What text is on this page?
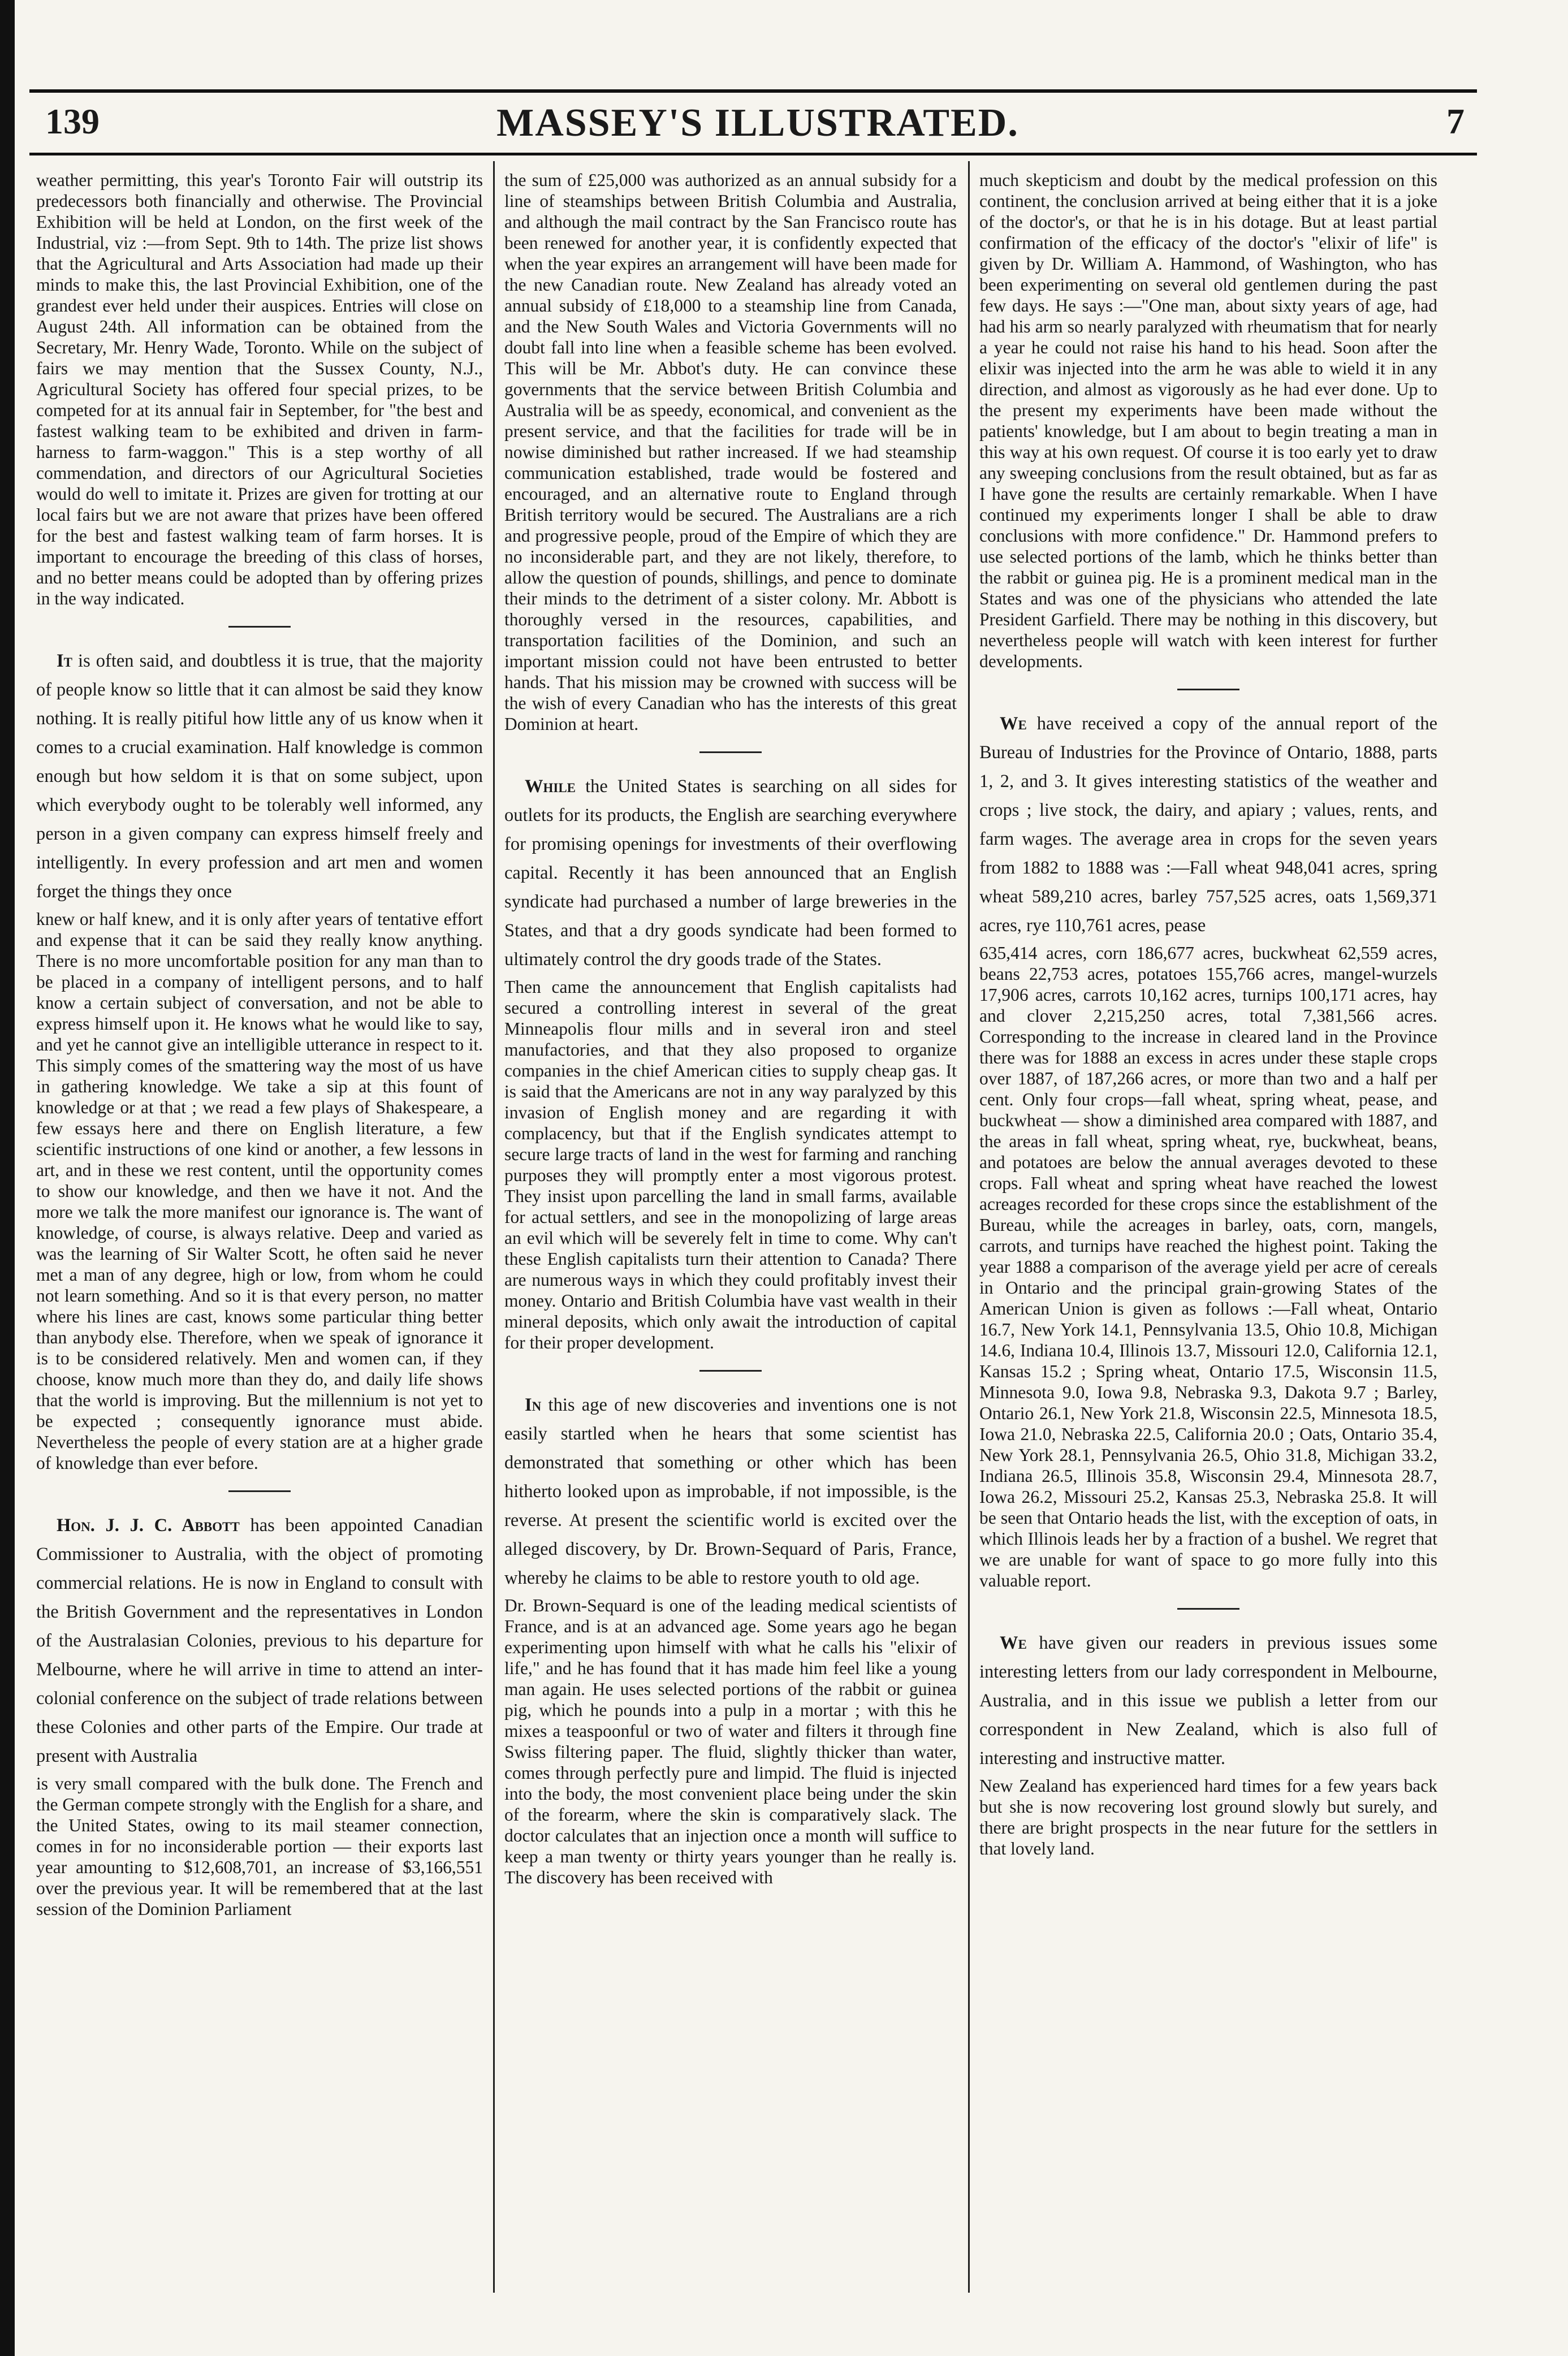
139	MASSEY'S ILLUSTRATED.	7

weather permitting, this year's Toronto Fair will outstrip its predecessors both financially and otherwise. The Provincial Exhibition will be held at London, on the first week of the Industrial, viz :—from Sept. 9th to 14th. The prize list shows that the Agricultural and Arts Association had made up their minds to make this, the last Provincial Exhibition, one of the grandest ever held under their auspices. Entries will close on August 24th. All information can be obtained from the Secretary, Mr. Henry Wade, Toronto. While on the subject of fairs we may mention that the Sussex County, N.J., Agricultural Society has offered four special prizes, to be competed for at its annual fair in September, for "the best and fastest walking team to be exhibited and driven in farm-harness to farm-waggon." This is a step worthy of all commendation, and directors of our Agricultural Societies would do well to imitate it. Prizes are given for trotting at our local fairs but we are not aware that prizes have been offered for the best and fastest walking team of farm horses. It is important to encourage the breeding of this class of horses, and no better means could be adopted than by offering prizes in the way indicated.

It is often said, and doubtless it is true, that the majority of people know so little that it can almost be said they know nothing. It is really pitiful how little any of us know when it comes to a crucial examination. Half knowledge is common enough but how seldom it is that on some subject, upon which everybody ought to be tolerably well informed, any person in a given company can express himself freely and intelligently. In every profession and art men and women forget the things they once

knew or half knew, and it is only after years of tentative effort and expense that it can be said they really know anything. There is no more uncomfortable position for any man than to be placed in a company of intelligent persons, and to half know a certain subject of conversation, and not be able to express himself upon it. He knows what he would like to say, and yet he cannot give an intelligible utterance in respect to it. This simply comes of the smattering way the most of us have in gathering knowledge. We take a sip at this fount of knowledge or at that ; we read a few plays of Shakespeare, a few essays here and there on English literature, a few scientific instructions of one kind or another, a few lessons in art, and in these we rest content, until the opportunity comes to show our knowledge, and then we have it not. And the more we talk the more manifest our ignorance is. The want of knowledge, of course, is always relative. Deep and varied as was the learning of Sir Walter Scott, he often said he never met a man of any degree, high or low, from whom he could not learn something. And so it is that every person, no matter where his lines are cast, knows some particular thing better than anybody else. Therefore, when we speak of ignorance it is to be considered relatively. Men and women can, if they choose, know much more than they do, and daily life shows that the world is improving. But the millennium is not yet to be expected ; consequently ignorance must abide. Nevertheless the people of every station are at a higher grade of knowledge than ever before.

Hon. J. J. C. Abbott has been appointed Canadian Commissioner to Australia, with the object of promoting commercial relations. He is now in England to consult with the British Government and the representatives in London of the Australasian Colonies, previous to his departure for Melbourne, where he will arrive in time to attend an inter-colonial conference on the subject of trade relations between these Colonies and other parts of the Empire. Our trade at present with Australia

is very small compared with the bulk done. The French and the German compete strongly with the English for a share, and the United States, owing to its mail steamer connection, comes in for no inconsiderable portion — their exports last year amounting to $12,608,701, an increase of $3,166,551 over the previous year. It will be remembered that at the last session of the Dominion Parliament

the sum of £25,000 was authorized as an annual subsidy for a line of steamships between British Columbia and Australia, and although the mail contract by the San Francisco route has been renewed for another year, it is confidently expected that when the year expires an arrangement will have been made for the new Canadian route. New Zealand has already voted an annual subsidy of £18,000 to a steamship line from Canada, and the New South Wales and Victoria Governments will no doubt fall into line when a feasible scheme has been evolved. This will be Mr. Abbot's duty. He can convince these governments that the service between British Columbia and Australia will be as speedy, economical, and convenient as the present service, and that the facilities for trade will be in nowise diminished but rather increased. If we had steamship communication established, trade would be fostered and encouraged, and an alternative route to England through British territory would be secured. The Australians are a rich and progressive people, proud of the Empire of which they are no inconsiderable part, and they are not likely, therefore, to allow the question of pounds, shillings, and pence to dominate their minds to the detriment of a sister colony. Mr. Abbott is thoroughly versed in the resources, capabilities, and transportation facilities of the Dominion, and such an important mission could not have been entrusted to better hands. That his mission may be crowned with success will be the wish of every Canadian who has the interests of this great Dominion at heart.

While the United States is searching on all sides for outlets for its products, the English are searching everywhere for promising openings for investments of their overflowing capital. Recently it has been announced that an English syndicate had purchased a number of large breweries in the States, and that a dry goods syndicate had been formed to ultimately control the dry goods trade of the States.

Then came the announcement that English capitalists had secured a controlling interest in several of the great Minneapolis flour mills and in several iron and steel manufactories, and that they also proposed to organize companies in the chief American cities to supply cheap gas. It is said that the Americans are not in any way paralyzed by this invasion of English money and are regarding it with complacency, but that if the English syndicates attempt to secure large tracts of land in the west for farming and ranching purposes they will promptly enter a most vigorous protest. They insist upon parcelling the land in small farms, available for actual settlers, and see in the monopolizing of large areas an evil which will be severely felt in time to come. Why can't these English capitalists turn their attention to Canada? There are numerous ways in which they could profitably invest their money. Ontario and British Columbia have vast wealth in their mineral deposits, which only await the introduction of capital for their proper development.

In this age of new discoveries and inventions one is not easily startled when he hears that some scientist has demonstrated that something or other which has been hitherto looked upon as improbable, if not impossible, is the reverse. At present the scientific world is excited over the alleged discovery, by Dr. Brown-Sequard of Paris, France, whereby he claims to be able to restore youth to old age.

Dr. Brown-Sequard is one of the leading medical scientists of France, and is at an advanced age. Some years ago he began experimenting upon himself with what he calls his "elixir of life," and he has found that it has made him feel like a young man again. He uses selected portions of the rabbit or guinea pig, which he pounds into a pulp in a mortar ; with this he mixes a teaspoonful or two of water and filters it through fine Swiss filtering paper. The fluid, slightly thicker than water, comes through perfectly pure and limpid. The fluid is injected into the body, the most convenient place being under the skin of the forearm, where the skin is comparatively slack. The doctor calculates that an injection once a month will suffice to keep a man twenty or thirty years younger than he really is. The discovery has been received with

much skepticism and doubt by the medical profession on this continent, the conclusion arrived at being either that it is a joke of the doctor's, or that he is in his dotage. But at least partial confirmation of the efficacy of the doctor's "elixir of life" is given by Dr. William A. Hammond, of Washington, who has been experimenting on several old gentlemen during the past few days. He says :—"One man, about sixty years of age, had had his arm so nearly paralyzed with rheumatism that for nearly a year he could not raise his hand to his head. Soon after the elixir was injected into the arm he was able to wield it in any direction, and almost as vigorously as he had ever done. Up to the present my experiments have been made without the patients' knowledge, but I am about to begin treating a man in this way at his own request. Of course it is too early yet to draw any sweeping conclusions from the result obtained, but as far as I have gone the results are certainly remarkable. When I have continued my experiments longer I shall be able to draw conclusions with more confidence." Dr. Hammond prefers to use selected portions of the lamb, which he thinks better than the rabbit or guinea pig. He is a prominent medical man in the States and was one of the physicians who attended the late President Garfield. There may be nothing in this discovery, but nevertheless people will watch with keen interest for further developments.

We have received a copy of the annual report of the Bureau of Industries for the Province of Ontario, 1888, parts 1, 2, and 3. It gives interesting statistics of the weather and crops ; live stock, the dairy, and apiary ; values, rents, and farm wages. The average area in crops for the seven years from 1882 to 1888 was :—Fall wheat 948,041 acres, spring wheat 589,210 acres, barley 757,525 acres, oats 1,569,371 acres, rye 110,761 acres, pease

635,414 acres, corn 186,677 acres, buckwheat 62,559 acres, beans 22,753 acres, potatoes 155,766 acres, mangel-wurzels 17,906 acres, carrots 10,162 acres, turnips 100,171 acres, hay and clover 2,215,250 acres, total 7,381,566 acres. Corresponding to the increase in cleared land in the Province there was for 1888 an excess in acres under these staple crops over 1887, of 187,266 acres, or more than two and a half per cent. Only four crops—fall wheat, spring wheat, pease, and buckwheat — show a diminished area compared with 1887, and the areas in fall wheat, spring wheat, rye, buckwheat, beans, and potatoes are below the annual averages devoted to these crops. Fall wheat and spring wheat have reached the lowest acreages recorded for these crops since the establishment of the Bureau, while the acreages in barley, oats, corn, mangels, carrots, and turnips have reached the highest point. Taking the year 1888 a comparison of the average yield per acre of cereals in Ontario and the principal grain-growing States of the American Union is given as follows :—Fall wheat, Ontario 16.7, New York 14.1, Pennsylvania 13.5, Ohio 10.8, Michigan 14.6, Indiana 10.4, Illinois 13.7, Missouri 12.0, California 12.1, Kansas 15.2 ; Spring wheat, Ontario 17.5, Wisconsin 11.5, Minnesota 9.0, Iowa 9.8, Nebraska 9.3, Dakota 9.7 ; Barley, Ontario 26.1, New York 21.8, Wisconsin 22.5, Minnesota 18.5, Iowa 21.0, Nebraska 22.5, California 20.0 ; Oats, Ontario 35.4, New York 28.1, Pennsylvania 26.5, Ohio 31.8, Michigan 33.2, Indiana 26.5, Illinois 35.8, Wisconsin 29.4, Minnesota 28.7, Iowa 26.2, Missouri 25.2, Kansas 25.3, Nebraska 25.8. It will be seen that Ontario heads the list, with the exception of oats, in which Illinois leads her by a fraction of a bushel. We regret that we are unable for want of space to go more fully into this valuable report.

We have given our readers in previous issues some interesting letters from our lady correspondent in Melbourne, Australia, and in this issue we publish a letter from our correspondent in New Zealand, which is also full of interesting and instructive matter.

New Zealand has experienced hard times for a few years back but she is now recovering lost ground slowly but surely, and there are bright prospects in the near future for the settlers in that lovely land.
